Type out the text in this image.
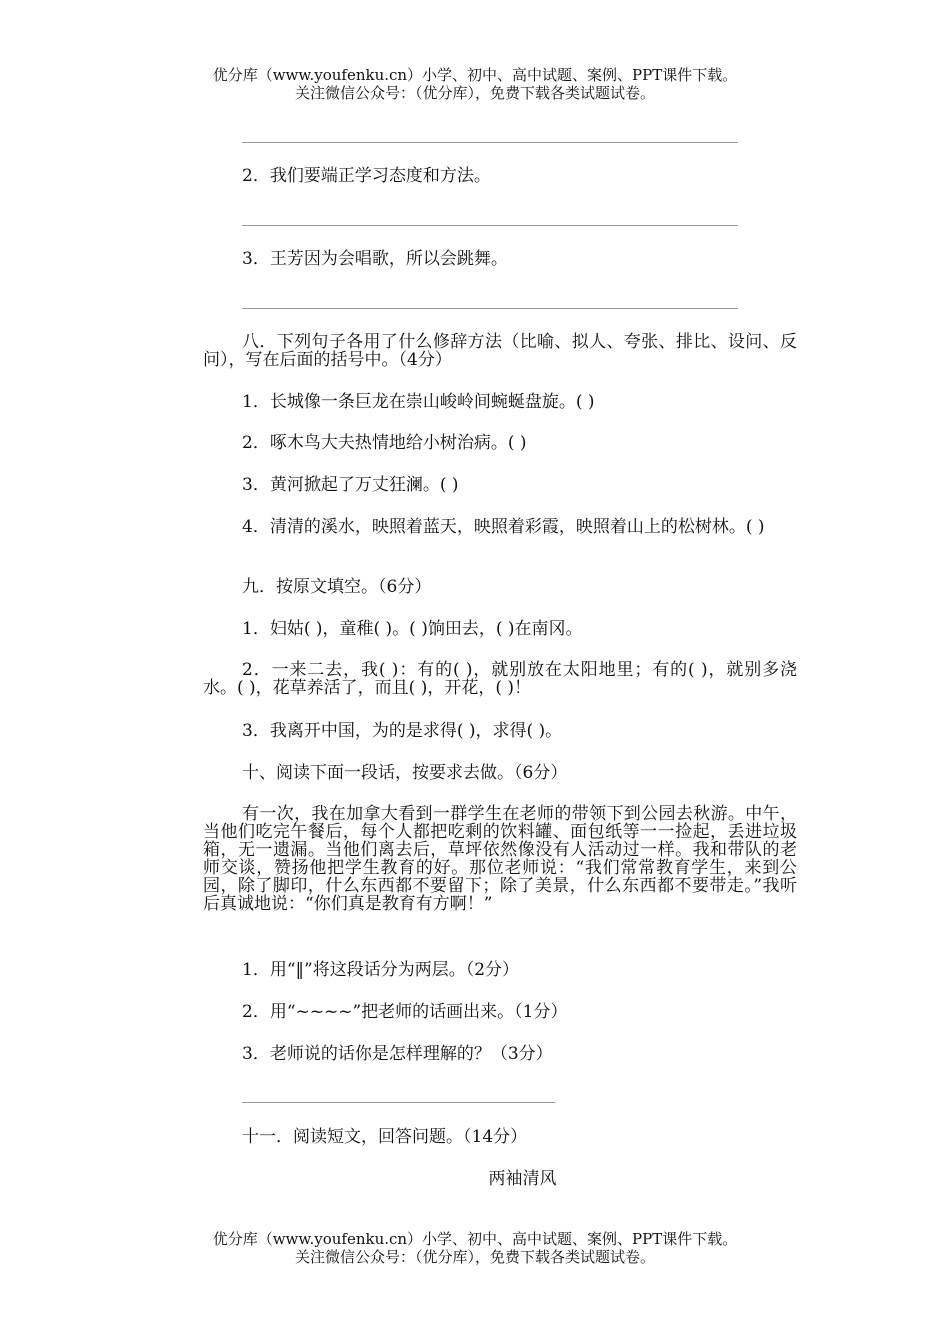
优分库（www.youfenku.cn）小学、初中、高中试题、案例、PPT课件下载。
关注微信公众号：（优分库），免费下载各类试题试卷。
2．我们要端正学习态度和方法。
3．王芳因为会唱歌，所以会跳舞。
八．下列句子各用了什么修辞方法（比喻、拟人、夸张、排比、设问、反问），写在后面的括号中。（4分）
1．长城像一条巨龙在崇山峻岭间蜿蜒盘旋。( )
2．啄木鸟大夫热情地给小树治病。( )
3．黄河掀起了万丈狂澜。( )
4．清清的溪水，映照着蓝天，映照着彩霞，映照着山上的松树林。( )
九．按原文填空。（6分）
1．妇姑( )，童稚( )。( )饷田去，( )在南冈。
2．一来二去，我( )：有的( )，就别放在太阳地里；有的( )，就别多浇水。( )，花草养活了，而且( )，开花，( )！
3．我离开中国，为的是求得( )，求得( )。
十、阅读下面一段话，按要求去做。（6分）
有一次，我在加拿大看到一群学生在老师的带领下到公园去秋游。中午，当他们吃完午餐后，每个人都把吃剩的饮料罐、面包纸等一一捡起，丢进垃圾箱，无一遗漏。当他们离去后，草坪依然像没有人活动过一样。我和带队的老师交谈，赞扬他把学生教育的好。那位老师说：“我们常常教育学生，来到公园，除了脚印，什么东西都不要留下；除了美景，什么东西都不要带走。”我听后真诚地说：“你们真是教育有方啊！”
1．用“‖”将这段话分为两层。（2分）
2．用“~~~~”把老师的话画出来。（1分）
3．老师说的话你是怎样理解的？（3分）
十一．阅读短文，回答问题。（14分）
两袖清风
优分库（www.youfenku.cn）小学、初中、高中试题、案例、PPT课件下载。
关注微信公众号：（优分库），免费下载各类试题试卷。
